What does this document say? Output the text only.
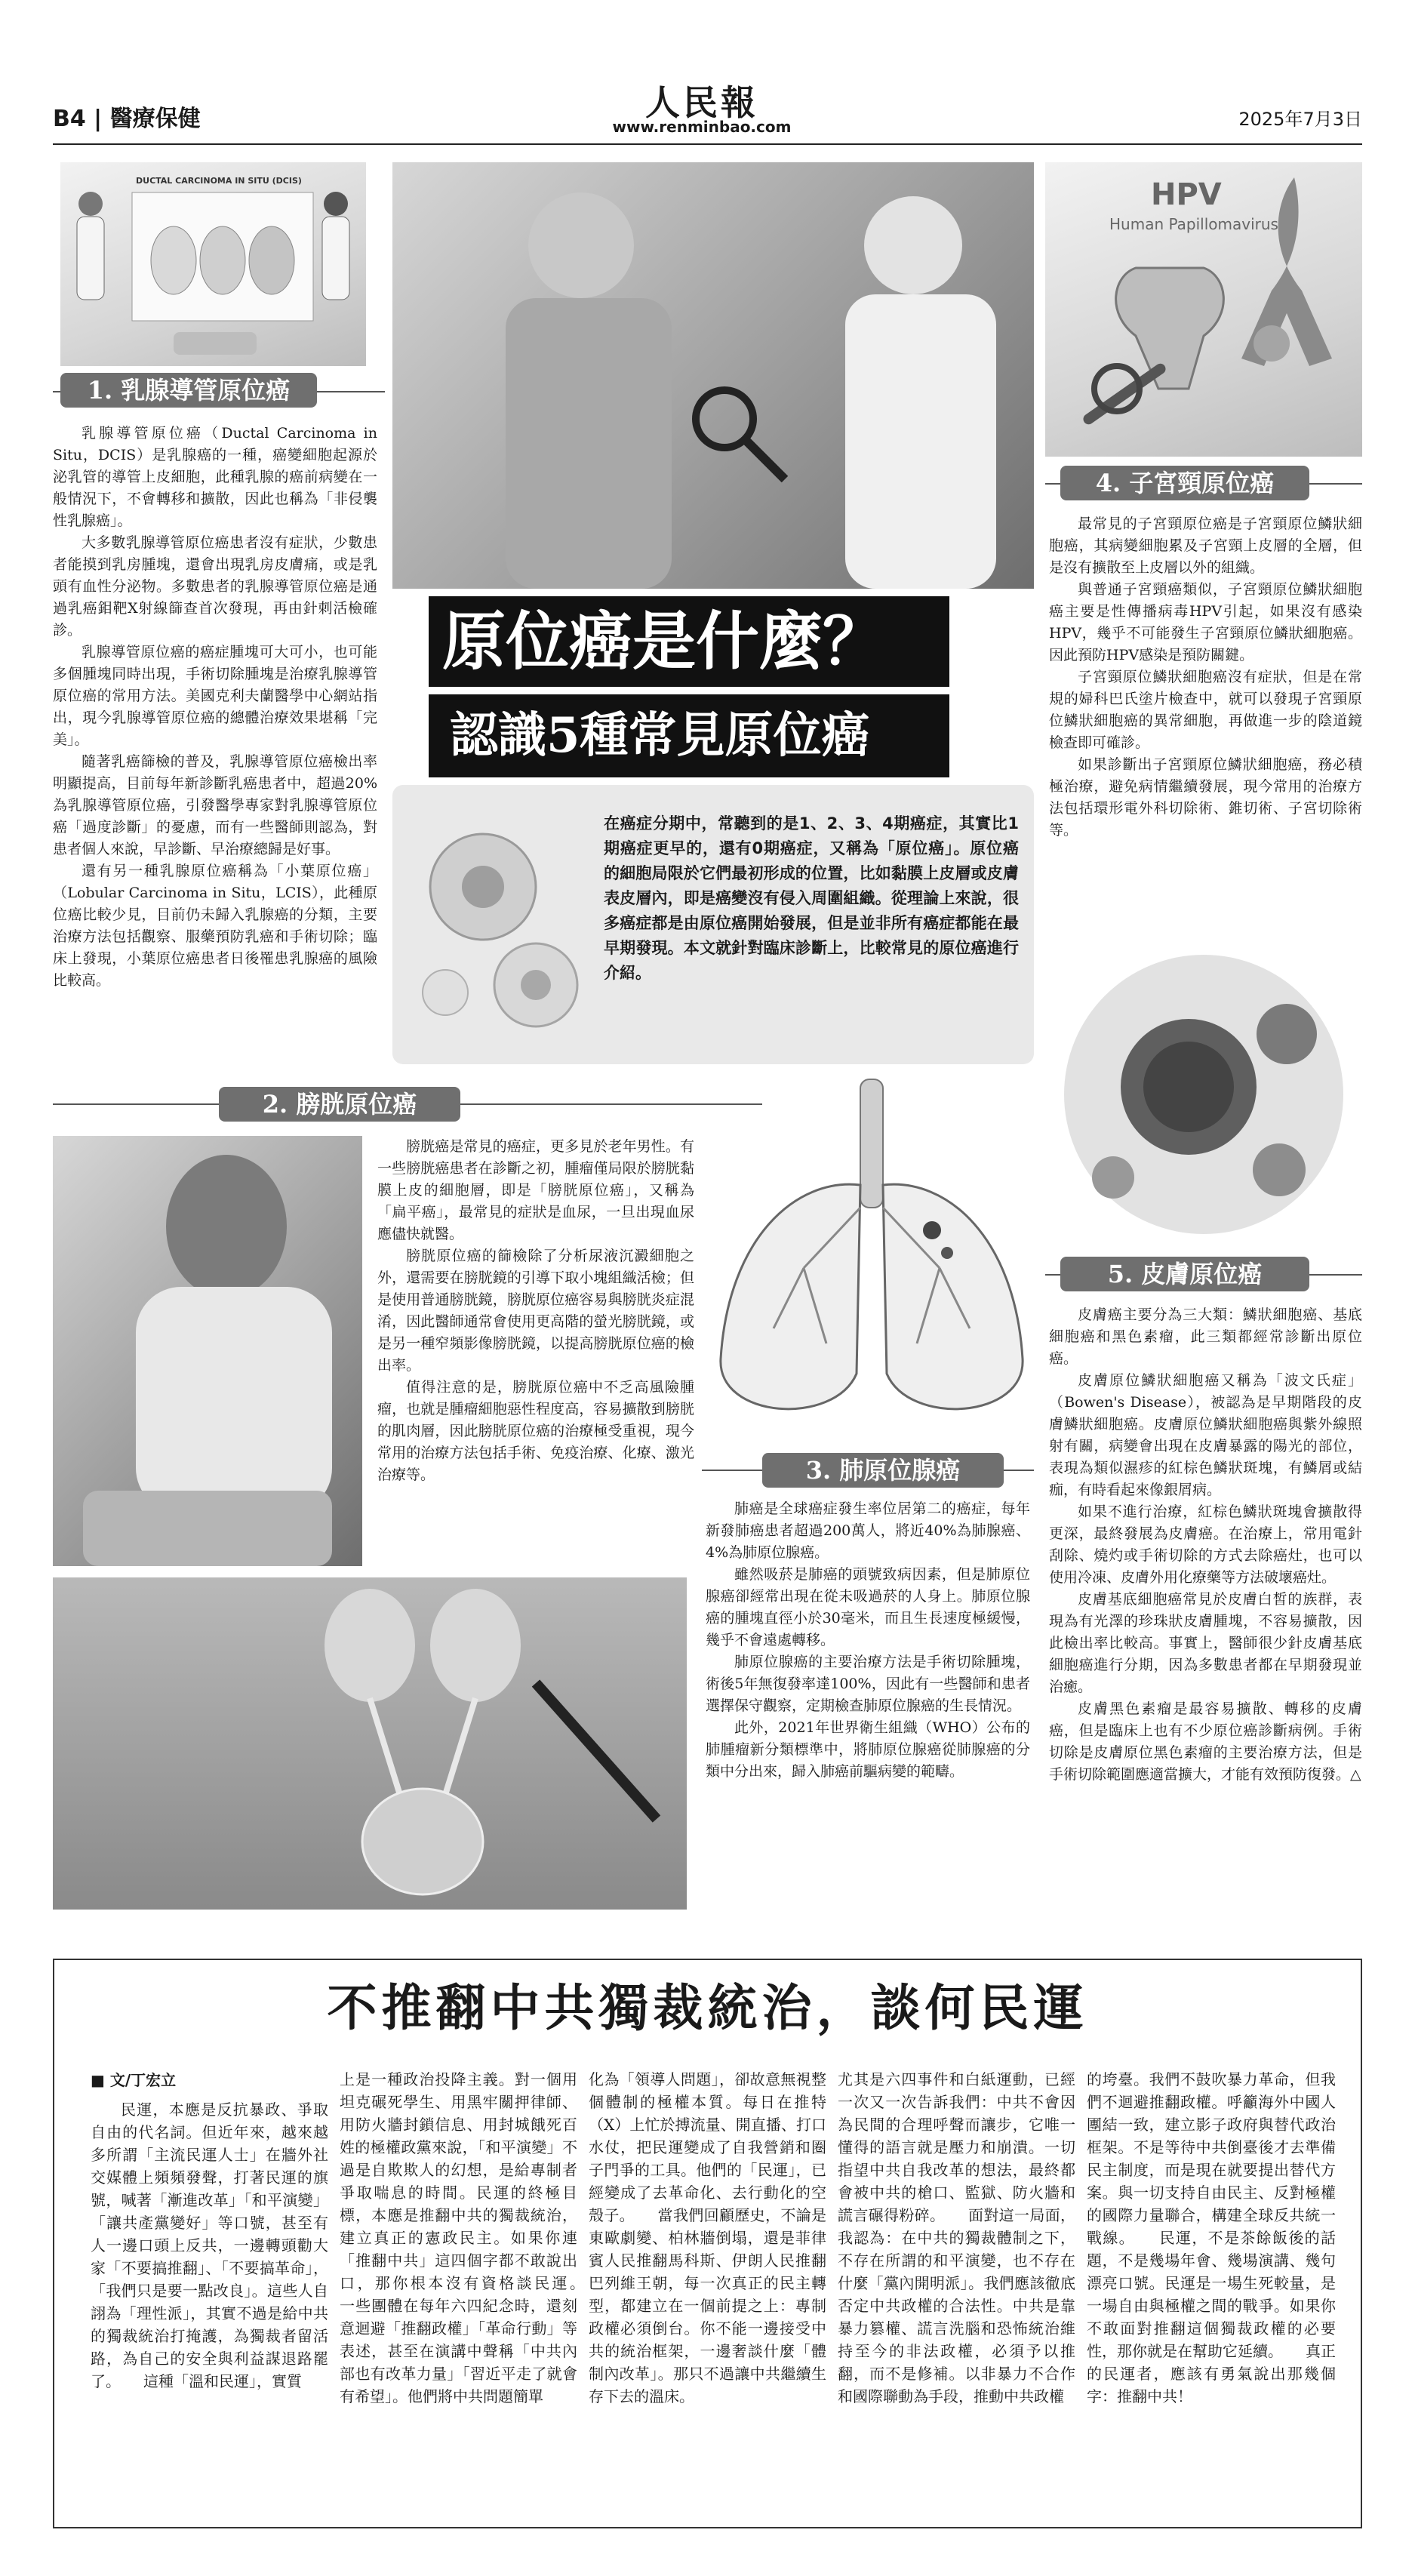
B4 | 醫療保健	人民報
www.renminbao.com	2025年7月3日
DUCTAL CARCINOMA IN SITU (DCIS)
1. 乳腺導管原位癌

乳腺導管原位癌（Ductal Carcinoma in Situ，DCIS）是乳腺癌的一種，癌變細胞起源於泌乳管的導管上皮細胞，此種乳腺的癌前病變在一般情況下，不會轉移和擴散，因此也稱為「非侵襲性乳腺癌」。

大多數乳腺導管原位癌患者沒有症狀，少數患者能摸到乳房腫塊，還會出現乳房皮膚痛，或是乳頭有血性分泌物。多數患者的乳腺導管原位癌是通過乳癌鉬靶X射線篩查首次發現，再由針刺活檢確診。

乳腺導管原位癌的癌症腫塊可大可小，也可能多個腫塊同時出現，手術切除腫塊是治療乳腺導管原位癌的常用方法。美國克利夫蘭醫學中心網站指出，現今乳腺導管原位癌的總體治療效果堪稱「完美」。

隨著乳癌篩檢的普及，乳腺導管原位癌檢出率明顯提高，目前每年新診斷乳癌患者中，超過20%為乳腺導管原位癌，引發醫學專家對乳腺導管原位癌「過度診斷」的憂慮，而有一些醫師則認為，對患者個人來說，早診斷、早治療總歸是好事。

還有另一種乳腺原位癌稱為「小葉原位癌」（Lobular Carcinoma in Situ，LCIS），此種原位癌比較少見，目前仍未歸入乳腺癌的分類，主要治療方法包括觀察、服藥預防乳癌和手術切除；臨床上發現，小葉原位癌患者日後罹患乳腺癌的風險比較高。

原位癌是什麼？
認識5種常見原位癌
在癌症分期中，常聽到的是1、2、3、4期癌症，其實比1期癌症更早的，還有0期癌症，又稱為「原位癌」。原位癌的細胞局限於它們最初形成的位置，比如黏膜上皮層或皮膚表皮層內，即是癌變沒有侵入周圍組織。從理論上來說，很多癌症都是由原位癌開始發展，但是並非所有癌症都能在最早期發現。本文就針對臨床診斷上，比較常見的原位癌進行介紹。
HPV
Human Papillomavirus
4. 子宮頸原位癌

最常見的子宮頸原位癌是子宮頸原位鱗狀細胞癌，其病變細胞累及子宮頸上皮層的全層，但是沒有擴散至上皮層以外的組織。

與普通子宮頸癌類似，子宮頸原位鱗狀細胞癌主要是性傳播病毒HPV引起，如果沒有感染HPV，幾乎不可能發生子宮頸原位鱗狀細胞癌。因此預防HPV感染是預防關鍵。

子宮頸原位鱗狀細胞癌沒有症狀，但是在常規的婦科巴氏塗片檢查中，就可以發現子宮頸原位鱗狀細胞癌的異常細胞，再做進一步的陰道鏡檢查即可確診。

如果診斷出子宮頸原位鱗狀細胞癌，務必積極治療，避免病情繼續發展，現今常用的治療方法包括環形電外科切除術、錐切術、子宮切除術等。

5. 皮膚原位癌

皮膚癌主要分為三大類：鱗狀細胞癌、基底細胞癌和黑色素瘤，此三類都經常診斷出原位癌。

皮膚原位鱗狀細胞癌又稱為「波文氏症」（Bowen's Disease），被認為是早期階段的皮膚鱗狀細胞癌。皮膚原位鱗狀細胞癌與紫外線照射有關，病變會出現在皮膚暴露的陽光的部位，表現為類似濕疹的紅棕色鱗狀斑塊，有鱗屑或結痂，有時看起來像銀屑病。

如果不進行治療，紅棕色鱗狀斑塊會擴散得更深，最終發展為皮膚癌。在治療上，常用電針刮除、燒灼或手術切除的方式去除癌灶，也可以使用冷凍、皮膚外用化療藥等方法破壞癌灶。

皮膚基底細胞癌常見於皮膚白皙的族群，表現為有光澤的珍珠狀皮膚腫塊，不容易擴散，因此檢出率比較高。事實上，醫師很少針皮膚基底細胞癌進行分期，因為多數患者都在早期發現並治癒。

皮膚黑色素瘤是最容易擴散、轉移的皮膚癌，但是臨床上也有不少原位癌診斷病例。手術切除是皮膚原位黑色素瘤的主要治療方法，但是手術切除範圍應適當擴大，才能有效預防復發。△

2. 膀胱原位癌

膀胱癌是常見的癌症，更多見於老年男性。有一些膀胱癌患者在診斷之初，腫瘤僅局限於膀胱黏膜上皮的細胞層，即是「膀胱原位癌」，又稱為「扁平癌」，最常見的症狀是血尿，一旦出現血尿應儘快就醫。

膀胱原位癌的篩檢除了分析尿液沉澱細胞之外，還需要在膀胱鏡的引導下取小塊組織活檢；但是使用普通膀胱鏡，膀胱原位癌容易與膀胱炎症混淆，因此醫師通常會使用更高階的螢光膀胱鏡，或是另一種窄頻影像膀胱鏡，以提高膀胱原位癌的檢出率。

值得注意的是，膀胱原位癌中不乏高風險腫瘤，也就是腫瘤細胞惡性程度高，容易擴散到膀胱的肌肉層，因此膀胱原位癌的治療極受重視，現今常用的治療方法包括手術、免疫治療、化療、激光治療等。	3. 肺原位腺癌

肺癌是全球癌症發生率位居第二的癌症，每年新發肺癌患者超過200萬人，將近40%為肺腺癌、4%為肺原位腺癌。

雖然吸菸是肺癌的頭號致病因素，但是肺原位腺癌卻經常出現在從未吸過菸的人身上。肺原位腺癌的腫塊直徑小於30毫米，而且生長速度極緩慢，幾乎不會遠處轉移。

肺原位腺癌的主要治療方法是手術切除腫塊，術後5年無復發率達100%，因此有一些醫師和患者選擇保守觀察，定期檢查肺原位腺癌的生長情況。

此外，2021年世界衛生組織（WHO）公布的肺腫瘤新分類標準中，將肺原位腺癌從肺腺癌的分類中分出來，歸入肺癌前驅病變的範疇。

不推翻中共獨裁統治，談何民運
■ 文/丁宏立

民運，本應是反抗暴政、爭取自由的代名詞。但近年來，越來越多所謂「主流民運人士」在牆外社交媒體上頻頻發聲，打著民運的旗號，喊著「漸進改革」「和平演變」「讓共產黨變好」等口號，甚至有人一邊口頭上反共，一邊轉頭勸大家「不要搞推翻」、「不要搞革命」，「我們只是要一點改良」。這些人自詡為「理性派」，其實不過是給中共的獨裁統治打掩護，為獨裁者留活路，為自己的安全與利益謀退路罷了。　　這種「溫和民運」，實質

上是一種政治投降主義。對一個用坦克碾死學生、用黑牢關押律師、用防火牆封鎖信息、用封城餓死百姓的極權政黨來說，「和平演變」不過是自欺欺人的幻想，是給專制者爭取喘息的時間。民運的終極目標，本應是推翻中共的獨裁統治，建立真正的憲政民主。如果你連「推翻中共」這四個字都不敢說出口，那你根本沒有資格談民運。　　一些團體在每年六四紀念時，還刻意迴避「推翻政權」「革命行動」等表述，甚至在演講中聲稱「中共內部也有改革力量」「習近平走了就會有希望」。他們將中共問題簡單

化為「領導人問題」，卻故意無視整個體制的極權本質。每日在推特（X）上忙於搏流量、開直播、打口水仗，把民運變成了自我營銷和圈子門爭的工具。他們的「民運」，已經變成了去革命化、去行動化的空殼子。　　當我們回顧歷史，不論是東歐劇變、柏林牆倒塌，還是菲律賓人民推翻馬科斯、伊朗人民推翻巴列維王朝，每一次真正的民主轉型，都建立在一個前提之上：專制政權必須倒台。你不能一邊接受中共的統治框架，一邊奢談什麼「體制內改革」。那只不過讓中共繼續生存下去的溫床。

尤其是六四事件和白紙運動，已經一次又一次告訴我們：中共不會因為民間的合理呼聲而讓步，它唯一懂得的語言就是壓力和崩潰。一切指望中共自我改革的想法，最終都會被中共的槍口、監獄、防火牆和謊言碾得粉碎。　　面對這一局面，我認為：在中共的獨裁體制之下，不存在所謂的和平演變，也不存在什麼「黨內開明派」。我們應該徹底否定中共政權的合法性。中共是靠暴力篡權、謊言洗腦和恐怖統治維持至今的非法政權，必須予以推翻，而不是修補。以非暴力不合作和國際聯動為手段，推動中共政權

的垮臺。我們不鼓吹暴力革命，但我們不迴避推翻政權。呼籲海外中國人團結一致，建立影子政府與替代政治框架。不是等待中共倒臺後才去準備民主制度，而是現在就要提出替代方案。與一切支持自由民主、反對極權的國際力量聯合，構建全球反共統一戰線。　　民運，不是茶餘飯後的話題，不是幾場年會、幾場演講、幾句漂亮口號。民運是一場生死較量，是一場自由與極權之間的戰爭。如果你不敢面對推翻這個獨裁政權的必要性，那你就是在幫助它延續。　　真正的民運者，應該有勇氣說出那幾個字：推翻中共！
